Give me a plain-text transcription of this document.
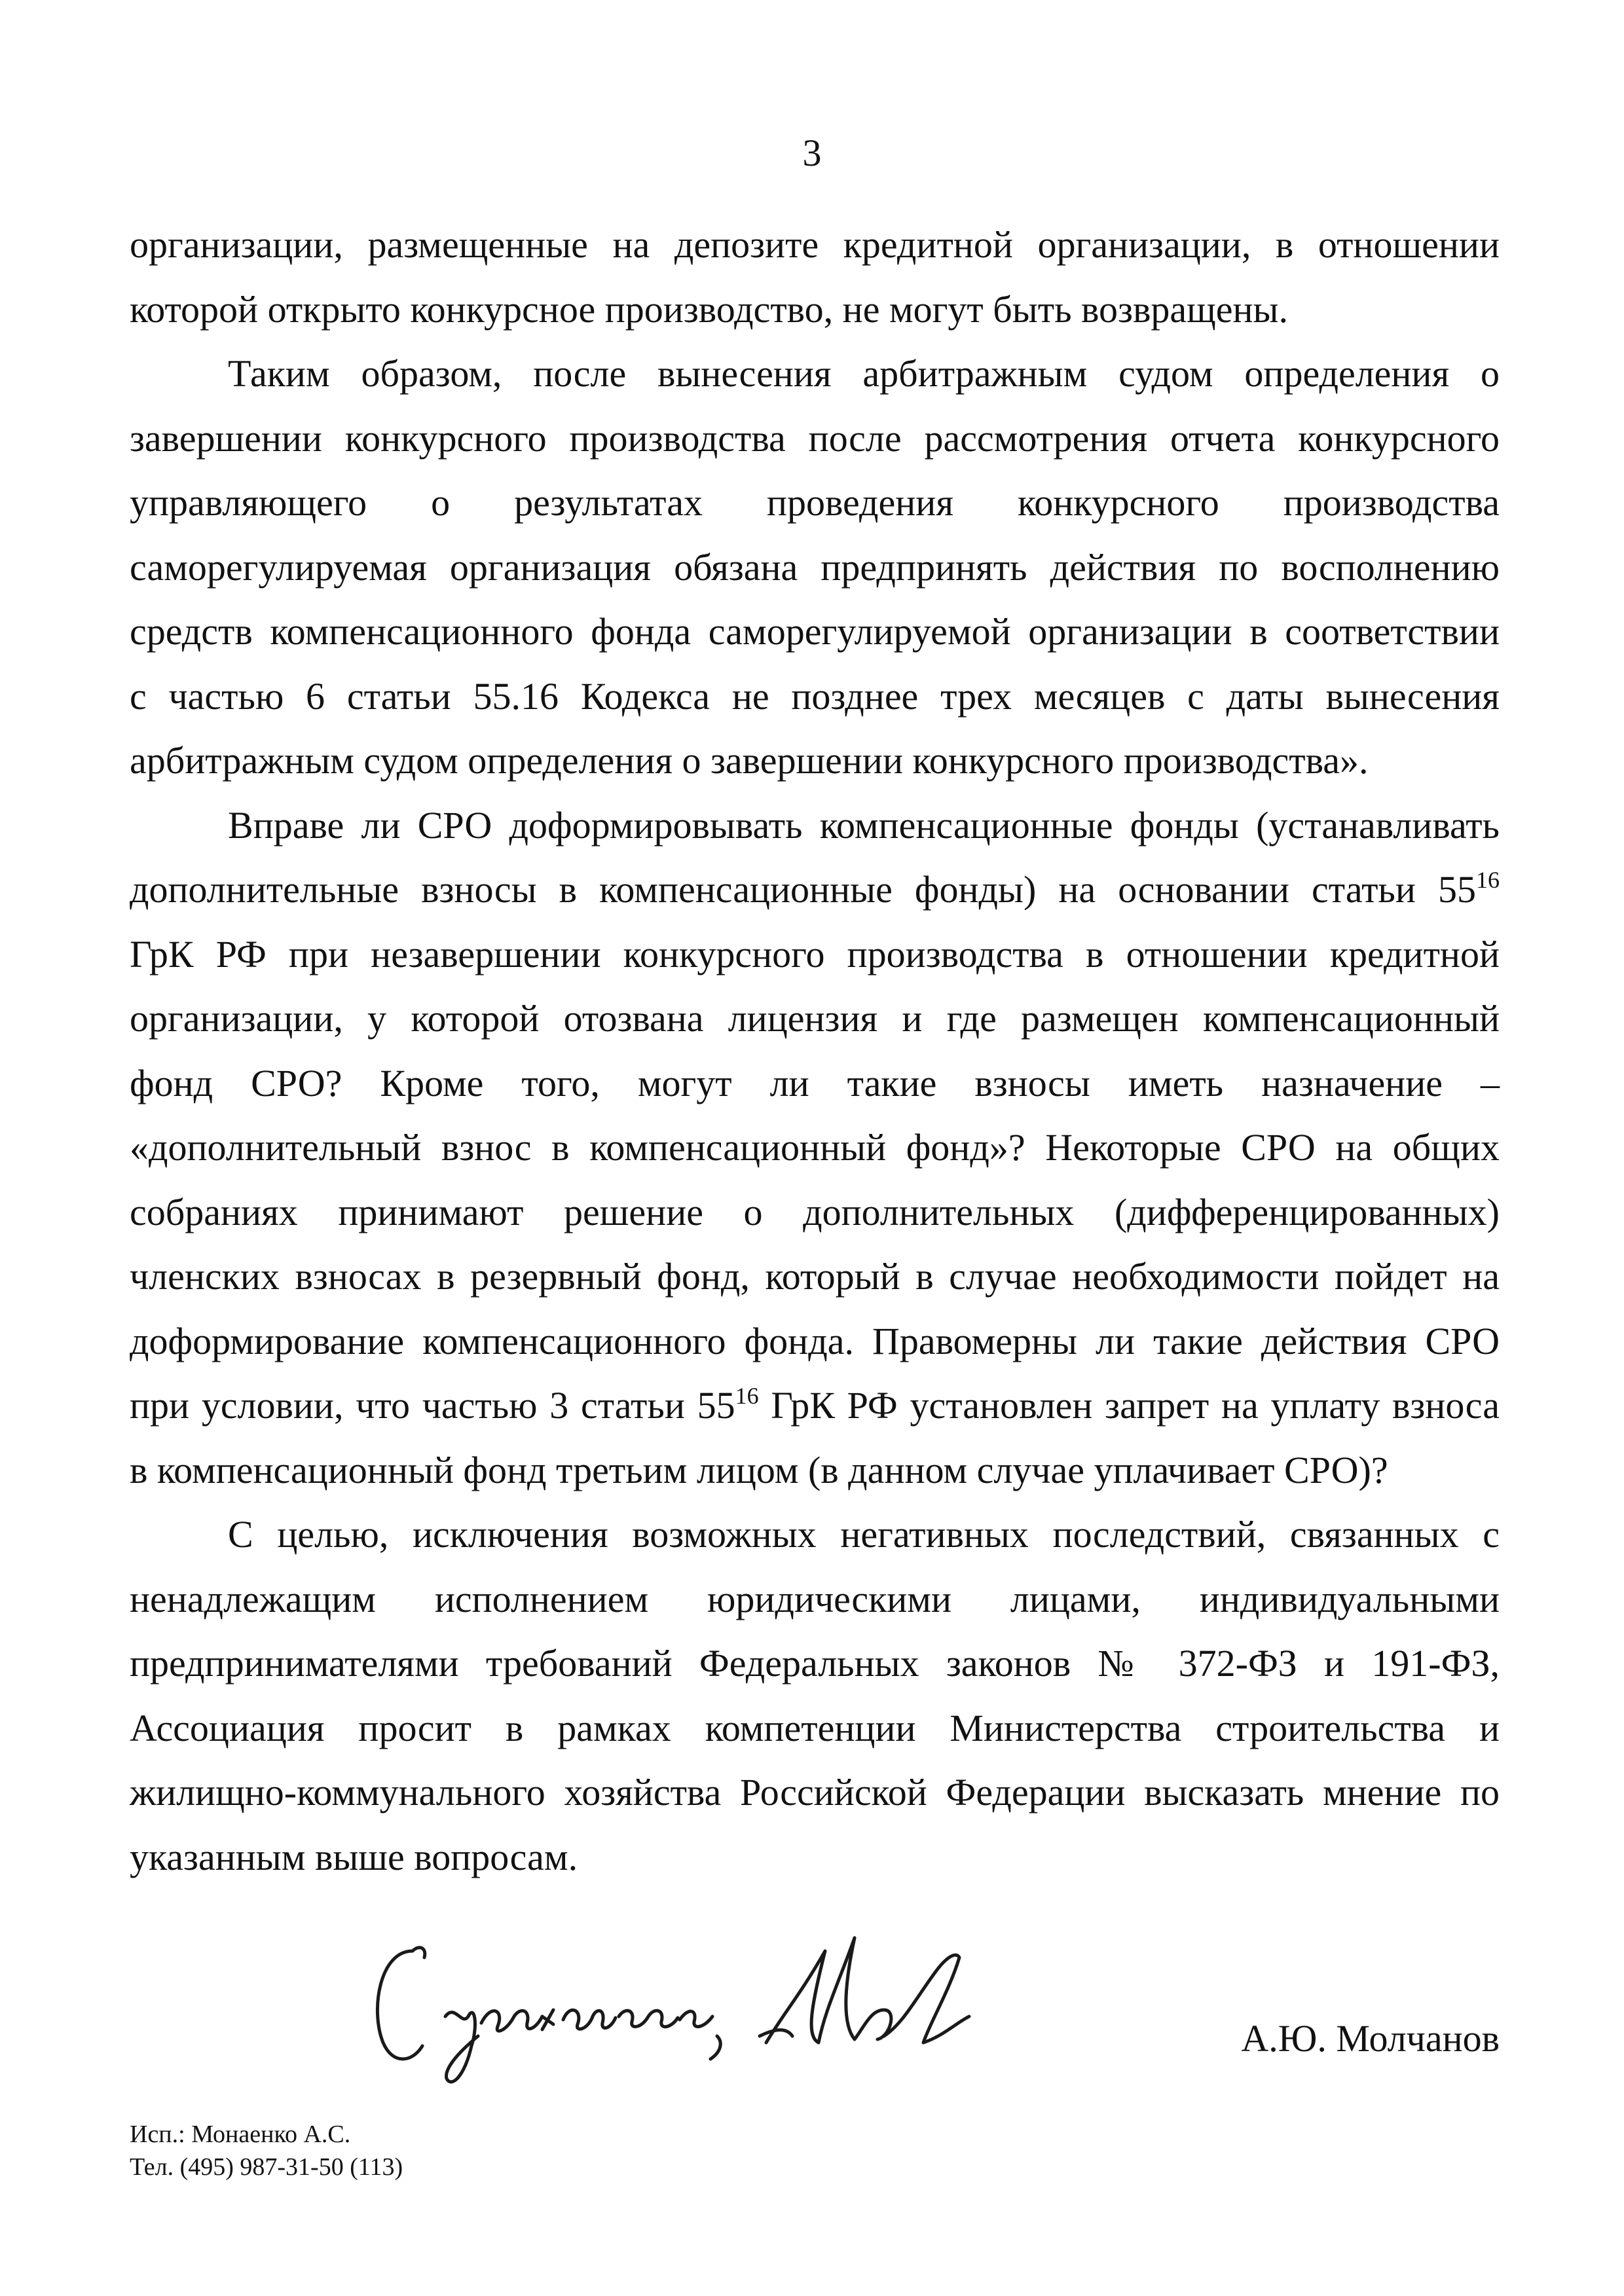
3
организации, размещенные на депозите кредитной организации, в отношении
которой открыто конкурсное производство, не могут быть возвращены.
Таким образом, после вынесения арбитражным судом определения о
завершении конкурсного производства после рассмотрения отчета конкурсного
управляющего о результатах проведения конкурсного производства
саморегулируемая организация обязана предпринять действия по восполнению
средств компенсационного фонда саморегулируемой организации в соответствии
с частью 6 статьи 55.16 Кодекса не позднее трех месяцев с даты вынесения
арбитражным судом определения о завершении конкурсного производства».
Вправе ли СРО доформировывать компенсационные фонды (устанавливать
дополнительные взносы в компенсационные фонды) на основании статьи $55^{16}$
ГрК РФ при незавершении конкурсного производства в отношении кредитной
организации, у которой отозвана лицензия и где размещен компенсационный
фонд СРО? Кроме того, могут ли такие взносы иметь назначение –
«дополнительный взнос в компенсационный фонд»? Некоторые СРО на общих
собраниях принимают решение о дополнительных (дифференцированных)
членских взносах в резервный фонд, который в случае необходимости пойдет на
доформирование компенсационного фонда. Правомерны ли такие действия СРО
при условии, что частью 3 статьи $55^{16}$ ГрК РФ установлен запрет на уплату взноса
в компенсационный фонд третьим лицом (в данном случае уплачивает СРО)?
С целью, исключения возможных негативных последствий, связанных с
ненадлежащим исполнением юридическими лицами, индивидуальными
предпринимателями требований Федеральных законов № 372-ФЗ и 191-ФЗ,
Ассоциация просит в рамках компетенции Министерства строительства и
жилищно-коммунального хозяйства Российской Федерации высказать мнение по
указанным выше вопросам.
А.Ю. Молчанов
Исп.: Монаенко А.С.
Тел. (495) 987-31-50 (113)
